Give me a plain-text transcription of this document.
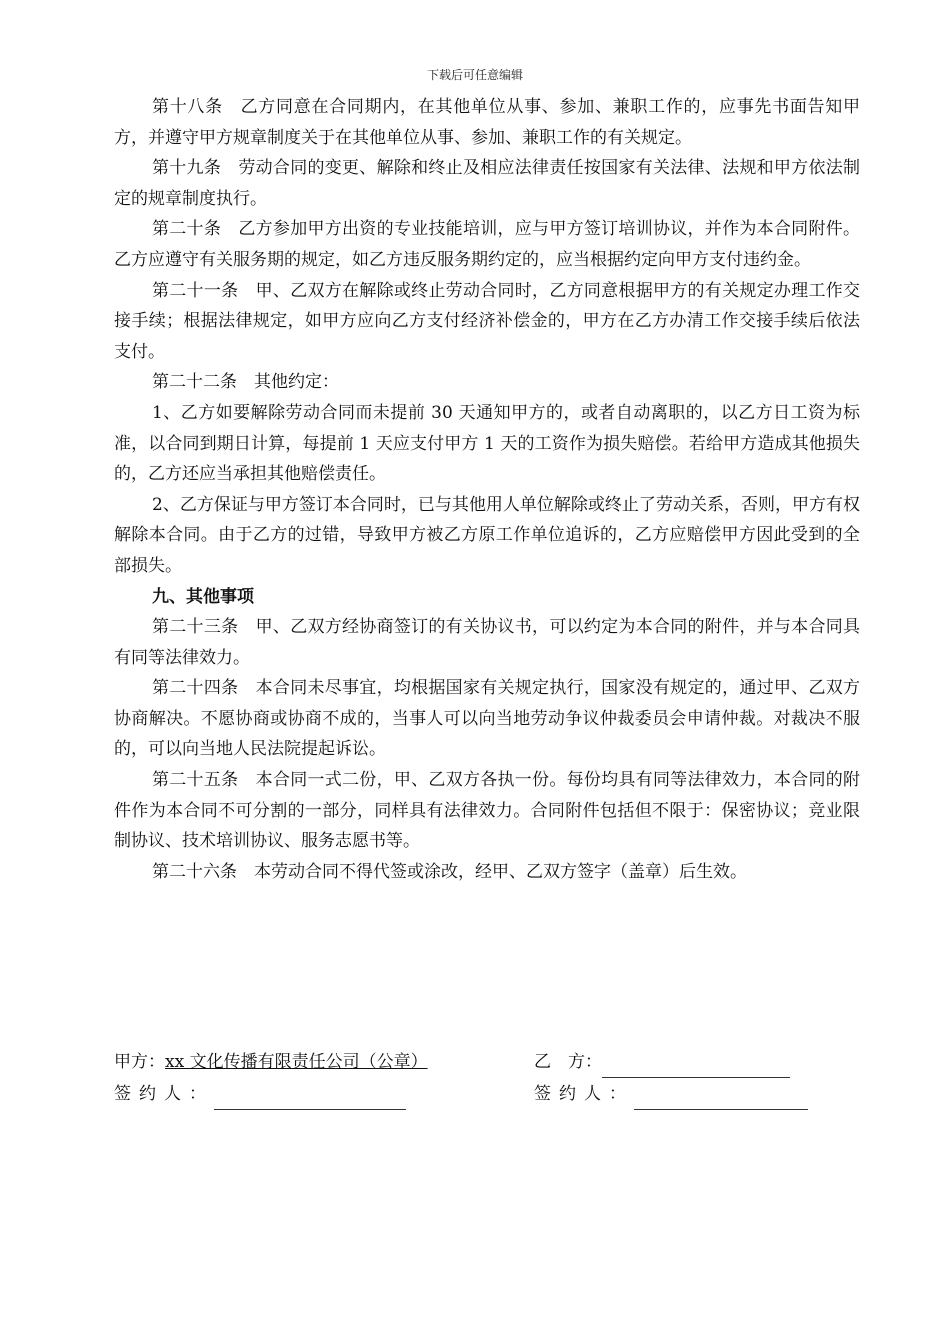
下载后可任意编辑

第十八条　乙方同意在合同期内，在其他单位从事、参加、兼职工作的，应事先书面告知甲方，并遵守甲方规章制度关于在其他单位从事、参加、兼职工作的有关规定。

第十九条　劳动合同的变更、解除和终止及相应法律责任按国家有关法律、法规和甲方依法制定的规章制度执行。

第二十条　乙方参加甲方出资的专业技能培训，应与甲方签订培训协议，并作为本合同附件。乙方应遵守有关服务期的规定，如乙方违反服务期约定的，应当根据约定向甲方支付违约金。

第二十一条　甲、乙双方在解除或终止劳动合同时，乙方同意根据甲方的有关规定办理工作交接手续；根据法律规定，如甲方应向乙方支付经济补偿金的，甲方在乙方办清工作交接手续后依法支付。

第二十二条　其他约定：

1、乙方如要解除劳动合同而未提前 30 天通知甲方的，或者自动离职的，以乙方日工资为标准，以合同到期日计算，每提前 1 天应支付甲方 1 天的工资作为损失赔偿。若给甲方造成其他损失的，乙方还应当承担其他赔偿责任。

2、乙方保证与甲方签订本合同时，已与其他用人单位解除或终止了劳动关系，否则，甲方有权解除本合同。由于乙方的过错，导致甲方被乙方原工作单位追诉的，乙方应赔偿甲方因此受到的全部损失。

九、其他事项

第二十三条　甲、乙双方经协商签订的有关协议书，可以约定为本合同的附件，并与本合同具有同等法律效力。

第二十四条　本合同未尽事宜，均根据国家有关规定执行，国家没有规定的，通过甲、乙双方协商解决。不愿协商或协商不成的，当事人可以向当地劳动争议仲裁委员会申请仲裁。对裁决不服的，可以向当地人民法院提起诉讼。

第二十五条　本合同一式二份，甲、乙双方各执一份。每份均具有同等法律效力，本合同的附件作为本合同不可分割的一部分，同样具有法律效力。合同附件包括但不限于：保密协议；竞业限制协议、技术培训协议、服务志愿书等。

第二十六条　本劳动合同不得代签或涂改，经甲、乙双方签字（盖章）后生效。

甲方：xx 文化传播有限责任公司（公章）	乙　方：
签约人：	签约人：
